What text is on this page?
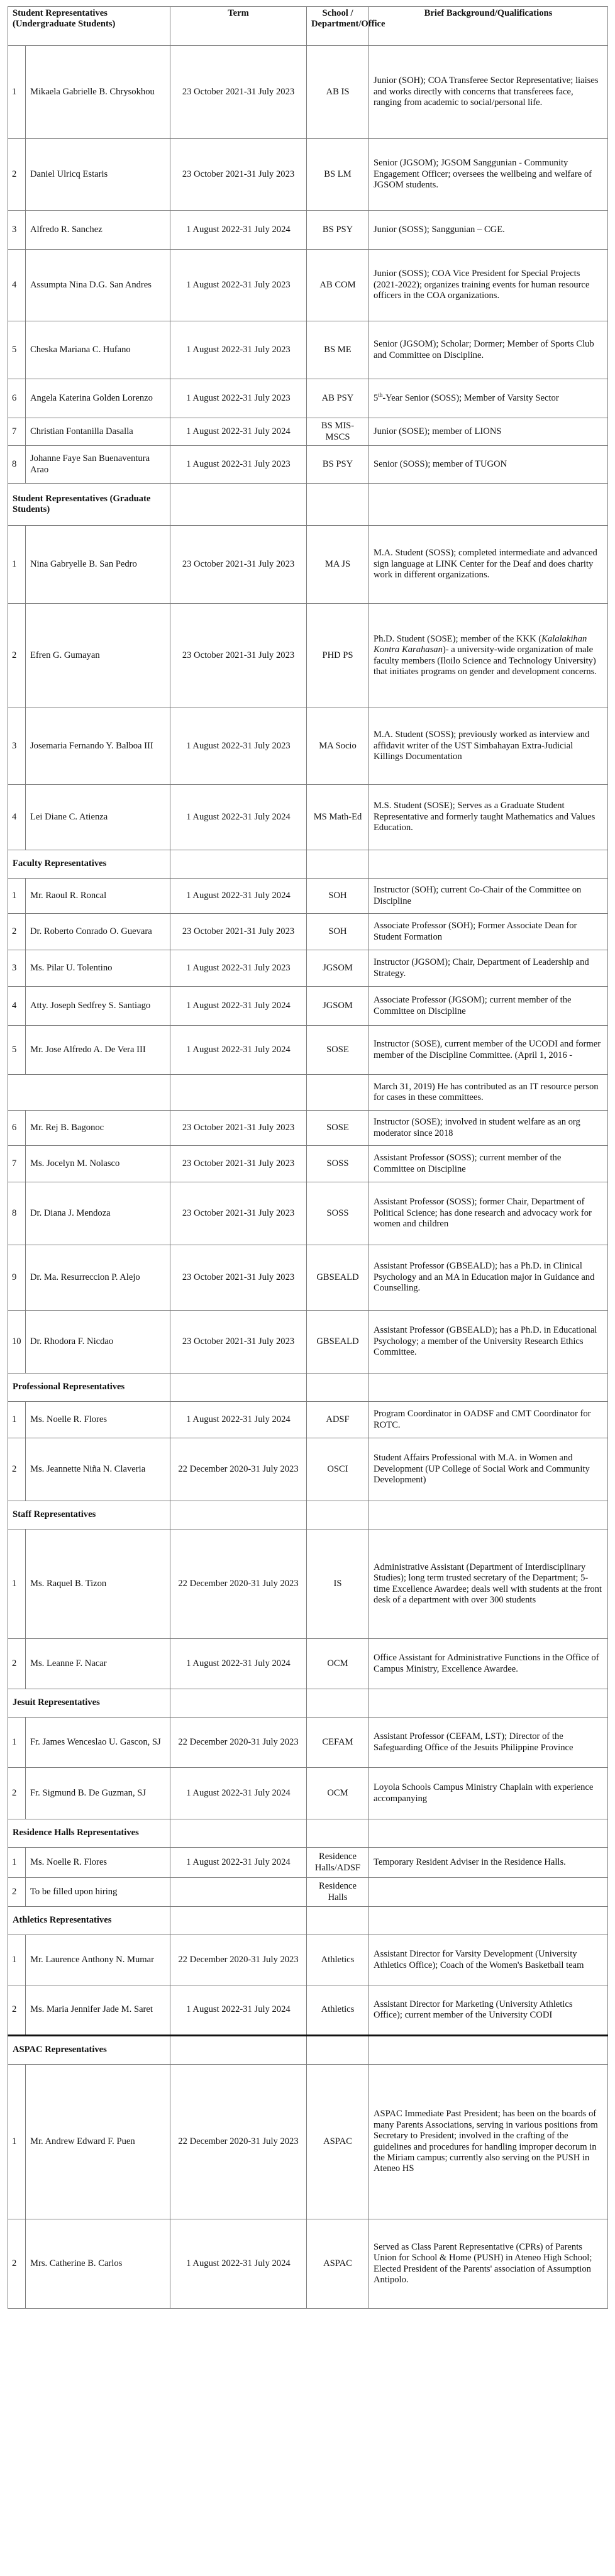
Student Representatives (Undergraduate Students)		Term	School / Department/Office	Brief Background/Qualifications
1	Mikaela Gabrielle B. Chrysokhou	23 October 2021-31 July 2023	AB IS	Junior (SOH); COA Transferee Sector Representative; liaises and works directly with concerns that transferees face, ranging from academic to social/personal life.
2	Daniel Ulricq Estaris	23 October 2021-31 July 2023	BS LM	Senior (JGSOM); JGSOM Sanggunian - Community Engagement Officer; oversees the wellbeing and welfare of JGSOM students.
3	Alfredo R. Sanchez	1 August 2022-31 July 2024	BS PSY	Junior (SOSS); Sanggunian – CGE.
4	Assumpta Nina D.G. San Andres	1 August 2022-31 July 2023	AB COM	Junior (SOSS); COA Vice President for Special Projects (2021-2022); organizes training events for human resource officers in the COA organizations.
5	Cheska Mariana C. Hufano	1 August 2022-31 July 2023	BS ME	Senior (JGSOM); Scholar; Dormer; Member of Sports Club and Committee on Discipline.
6	Angela Katerina Golden Lorenzo	1 August 2022-31 July 2023	AB PSY	5th-Year Senior (SOSS); Member of Varsity Sector
7	Christian Fontanilla Dasalla	1 August 2022-31 July 2024	BS MIS-MSCS	Junior (SOSE); member of LIONS
8	Johanne Faye San Buenaventura Arao	1 August 2022-31 July 2023	BS PSY	Senior (SOSS); member of TUGON
Student Representatives (Graduate Students)				
1	Nina Gabryelle B. San Pedro	23 October 2021-31 July 2023	MA JS	M.A. Student (SOSS); completed intermediate and advanced sign language at LINK Center for the Deaf and does charity work in different organizations.
2	Efren G. Gumayan	23 October 2021-31 July 2023	PHD PS	Ph.D. Student (SOSE); member of the KKK (Kalalakihan Kontra Karahasan)- a university-wide organization of male faculty members (Iloilo Science and Technology University) that initiates programs on gender and development concerns.
3	Josemaria Fernando Y. Balboa III	1 August 2022-31 July 2023	MA Socio	M.A. Student (SOSS); previously worked as interview and affidavit writer of the UST Simbahayan Extra-Judicial Killings Documentation
4	Lei Diane C. Atienza	1 August 2022-31 July 2024	MS Math-Ed	M.S. Student (SOSE); Serves as a Graduate Student Representative and formerly taught Mathematics and Values Education.
Faculty Representatives				
1	Mr. Raoul R. Roncal	1 August 2022-31 July 2024	SOH	Instructor (SOH); current Co-Chair of the Committee on Discipline
2	Dr. Roberto Conrado O. Guevara	23 October 2021-31 July 2023	SOH	Associate Professor (SOH); Former Associate Dean for Student Formation
3	Ms. Pilar U. Tolentino	1 August 2022-31 July 2023	JGSOM	Instructor (JGSOM); Chair, Department of Leadership and Strategy.
4	Atty. Joseph Sedfrey S. Santiago	1 August 2022-31 July 2024	JGSOM	Associate Professor (JGSOM); current member of the Committee on Discipline
5	Mr. Jose Alfredo A. De Vera III	1 August 2022-31 July 2024	SOSE	Instructor (SOSE), current member of the UCODI and former member of the Discipline Committee. (April 1, 2016 -
				March 31, 2019) He has contributed as an IT resource person for cases in these committees.
6	Mr. Rej B. Bagonoc	23 October 2021-31 July 2023	SOSE	Instructor (SOSE); involved in student welfare as an org moderator since 2018
7	Ms. Jocelyn M. Nolasco	23 October 2021-31 July 2023	SOSS	Assistant Professor (SOSS); current member of the Committee on Discipline
8	Dr. Diana J. Mendoza	23 October 2021-31 July 2023	SOSS	Assistant Professor (SOSS); former Chair, Department of Political Science; has done research and advocacy work for women and children
9	Dr. Ma. Resurreccion P. Alejo	23 October 2021-31 July 2023	GBSEALD	Assistant Professor (GBSEALD); has a Ph.D. in Clinical Psychology and an MA in Education major in Guidance and Counselling.
10	Dr. Rhodora F. Nicdao	23 October 2021-31 July 2023	GBSEALD	Assistant Professor (GBSEALD); has a Ph.D. in Educational Psychology; a member of the University Research Ethics Committee.
Professional Representatives				
1	Ms. Noelle R. Flores	1 August 2022-31 July 2024	ADSF	Program Coordinator in OADSF and CMT Coordinator for ROTC.
2	Ms. Jeannette Niña N. Claveria	22 December 2020-31 July 2023	OSCI	Student Affairs Professional with M.A. in Women and Development (UP College of Social Work and Community Development)
Staff Representatives				
1	Ms. Raquel B. Tizon	22 December 2020-31 July 2023	IS	Administrative Assistant (Department of Interdisciplinary Studies); long term trusted secretary of the Department; 5-time Excellence Awardee; deals well with students at the front desk of a department with over 300 students
2	Ms. Leanne F. Nacar	1 August 2022-31 July 2024	OCM	Office Assistant for Administrative Functions in the Office of Campus Ministry, Excellence Awardee.
Jesuit Representatives				
1	Fr. James Wenceslao U. Gascon, SJ	22 December 2020-31 July 2023	CEFAM	Assistant Professor (CEFAM, LST); Director of the Safeguarding Office of the Jesuits Philippine Province
2	Fr. Sigmund B. De Guzman, SJ	1 August 2022-31 July 2024	OCM	Loyola Schools Campus Ministry Chaplain with experience accompanying
Residence Halls Representatives				
1	Ms. Noelle R. Flores	1 August 2022-31 July 2024	Residence Halls/ADSF	Temporary Resident Adviser in the Residence Halls.
2	To be filled upon hiring		Residence Halls	
Athletics Representatives				
1	Mr. Laurence Anthony N. Mumar	22 December 2020-31 July 2023	Athletics	Assistant Director for Varsity Development (University Athletics Office); Coach of the Women's Basketball team
2	Ms. Maria Jennifer Jade M. Saret	1 August 2022-31 July 2024	Athletics	Assistant Director for Marketing (University Athletics Office); current member of the University CODI
ASPAC Representatives				
1	Mr. Andrew Edward F. Puen	22 December 2020-31 July 2023	ASPAC	ASPAC Immediate Past President; has been on the boards of many Parents Associations, serving in various positions from Secretary to President; involved in the crafting of the guidelines and procedures for handling improper decorum in the Miriam campus; currently also serving on the PUSH in Ateneo HS
2	Mrs. Catherine B. Carlos	1 August 2022-31 July 2024	ASPAC	Served as Class Parent Representative (CPRs) of Parents Union for School & Home (PUSH) in Ateneo High School; Elected President of the Parents' association of Assumption Antipolo.
